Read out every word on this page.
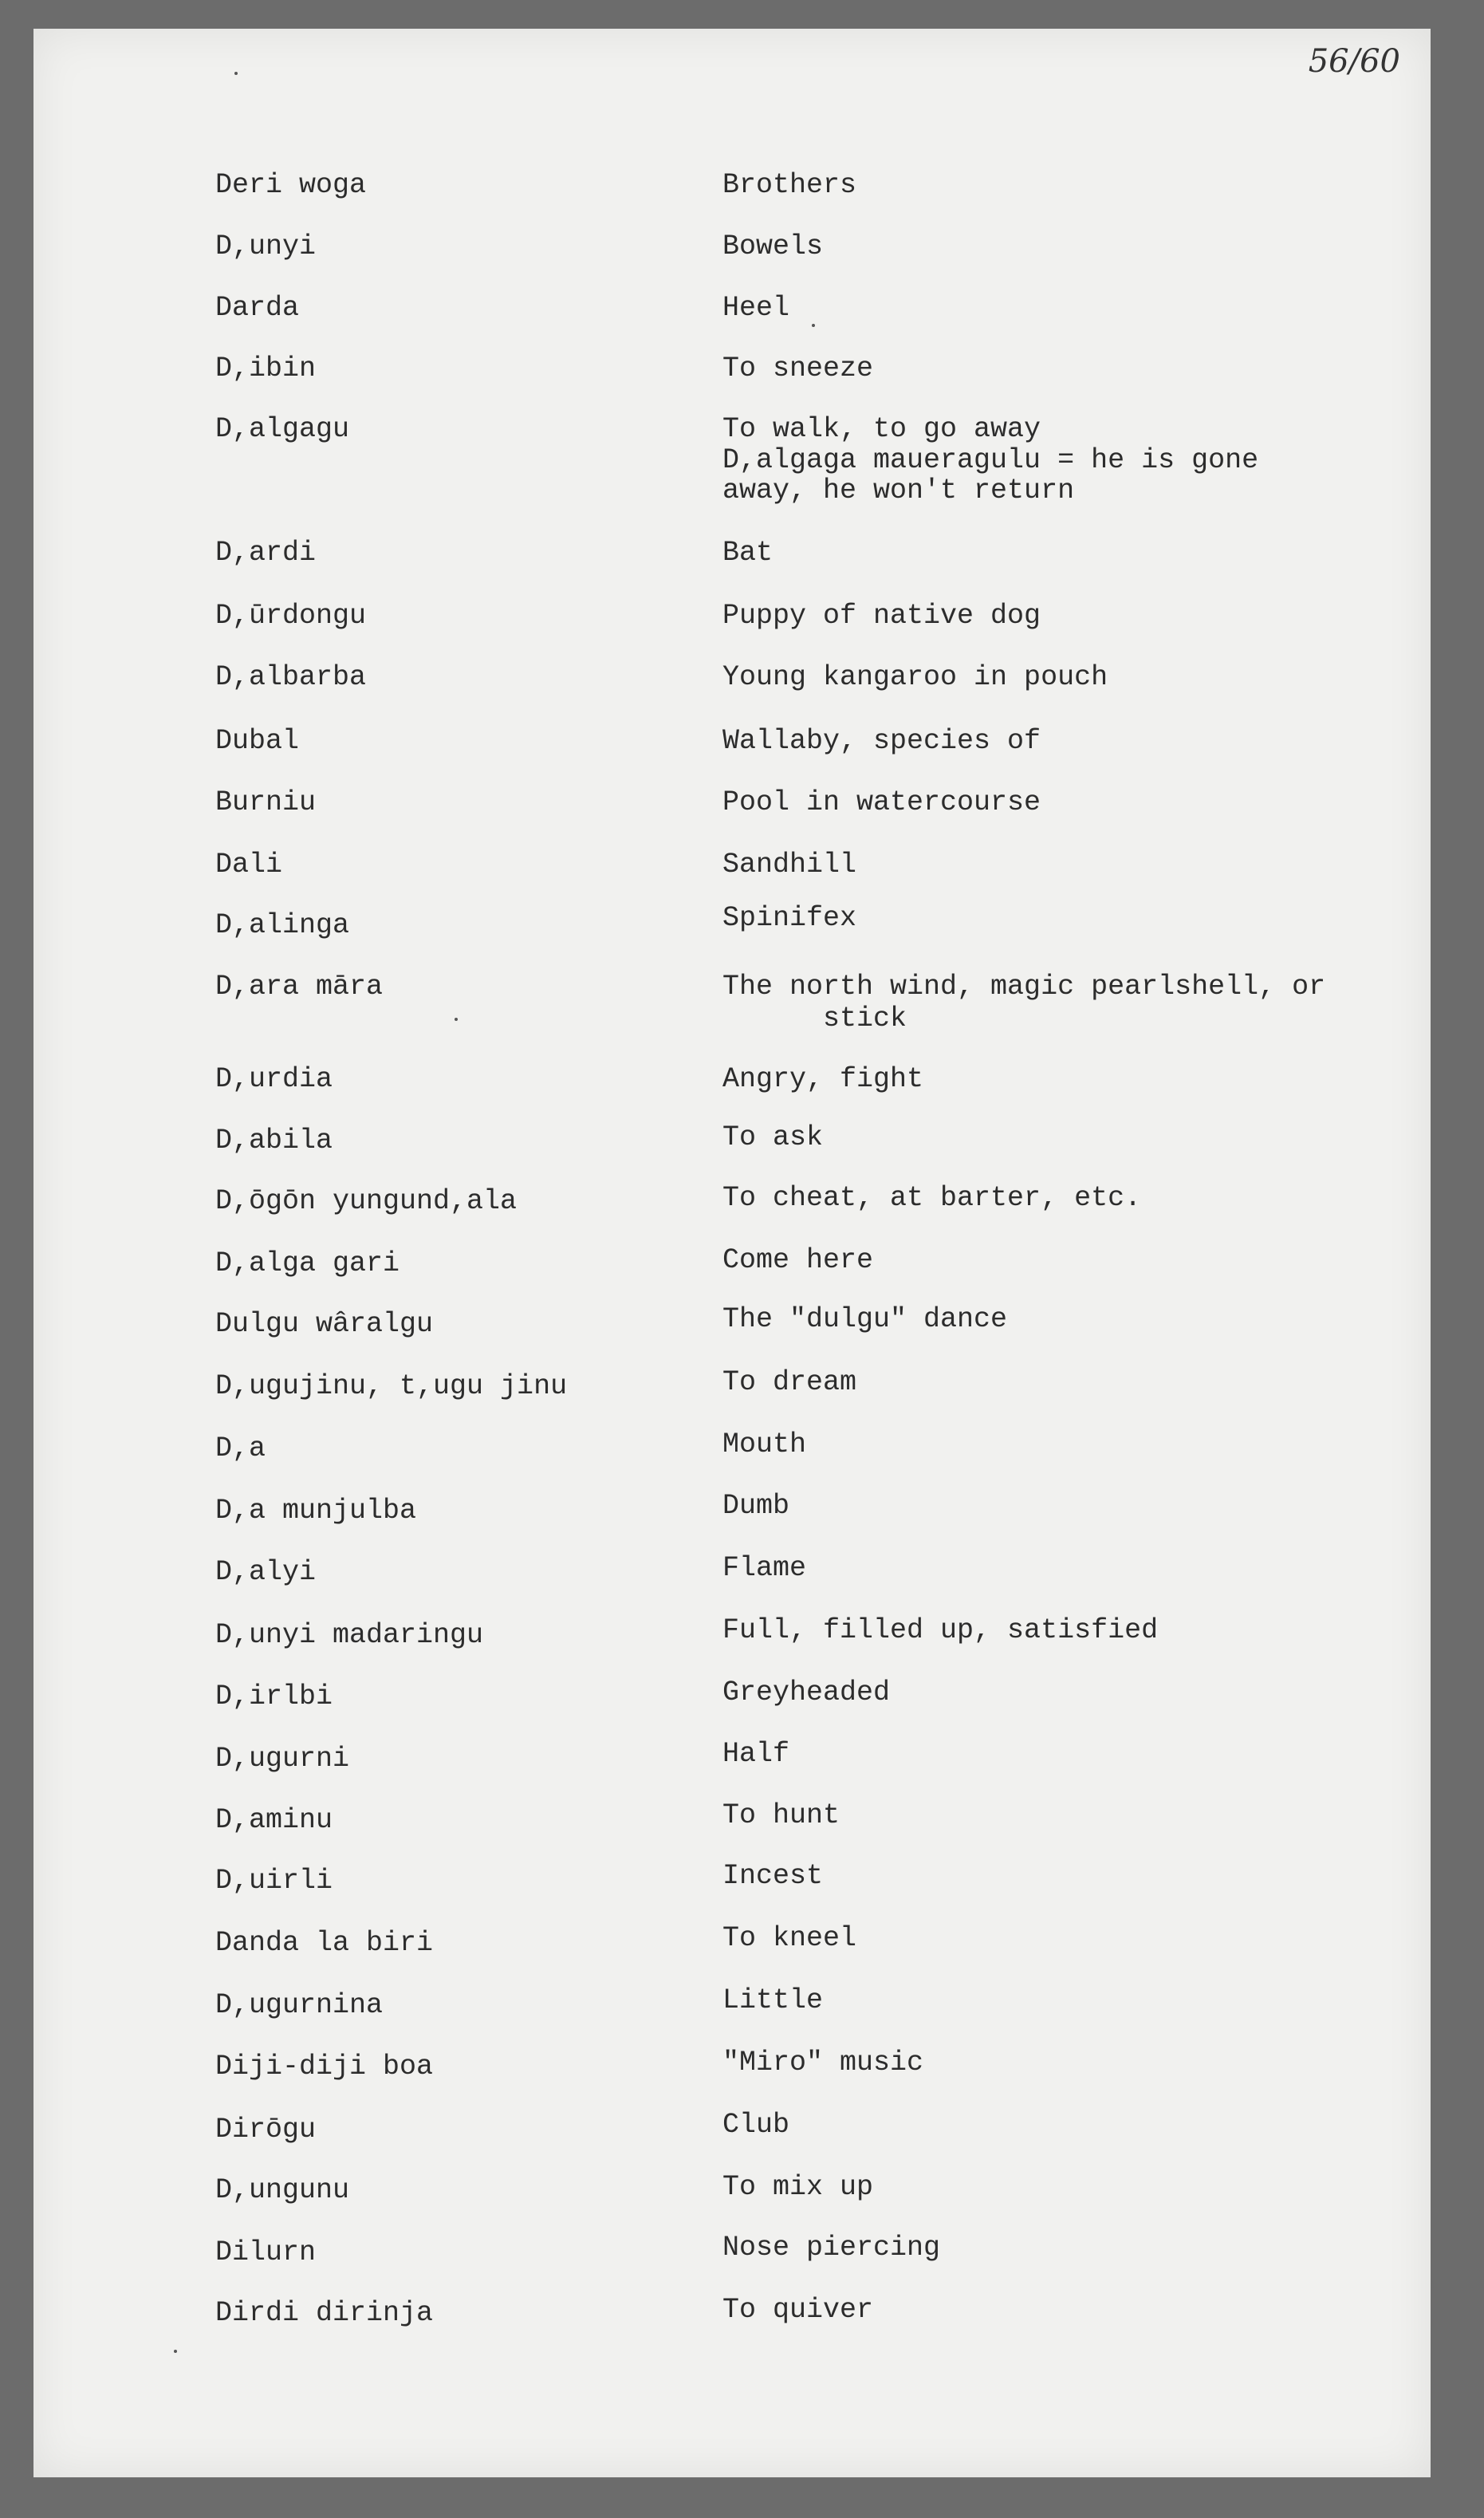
56/60
Deri woga	Brothers
D,unyi	Bowels
Darda	Heel
D,ibin	To sneeze
D,algagu	To walk, to go away
D,algaga maueragulu = he is gone
away, he won't return
D,ardi	Bat
D,ūrdongu	Puppy of native dog
D,albarba	Young kangaroo in pouch
Dubal	Wallaby, species of
Burniu	Pool in watercourse
Dali	Sandhill
D,alinga	Spinifex
D,ara māra	The north wind, magic pearlshell, or
stick
D,urdia	Angry, fight
D,abila	To ask
D,ōgōn yungund,ala	To cheat, at barter, etc.
D,alga gari	Come here
Dulgu wâralgu	The "dulgu" dance
D,ugujinu, t,ugu jinu	To dream
D,a	Mouth
D,a munjulba	Dumb
D,alyi	Flame
D,unyi madaringu	Full, filled up, satisfied
D,irlbi	Greyheaded
D,ugurni	Half
D,aminu	To hunt
D,uirli	Incest
Danda la biri	To kneel
D,ugurnina	Little
Diji-diji boa	"Miro" music
Dirōgu	Club
D,ungunu	To mix up
Dilurn	Nose piercing
Dirdi dirinja	To quiver
